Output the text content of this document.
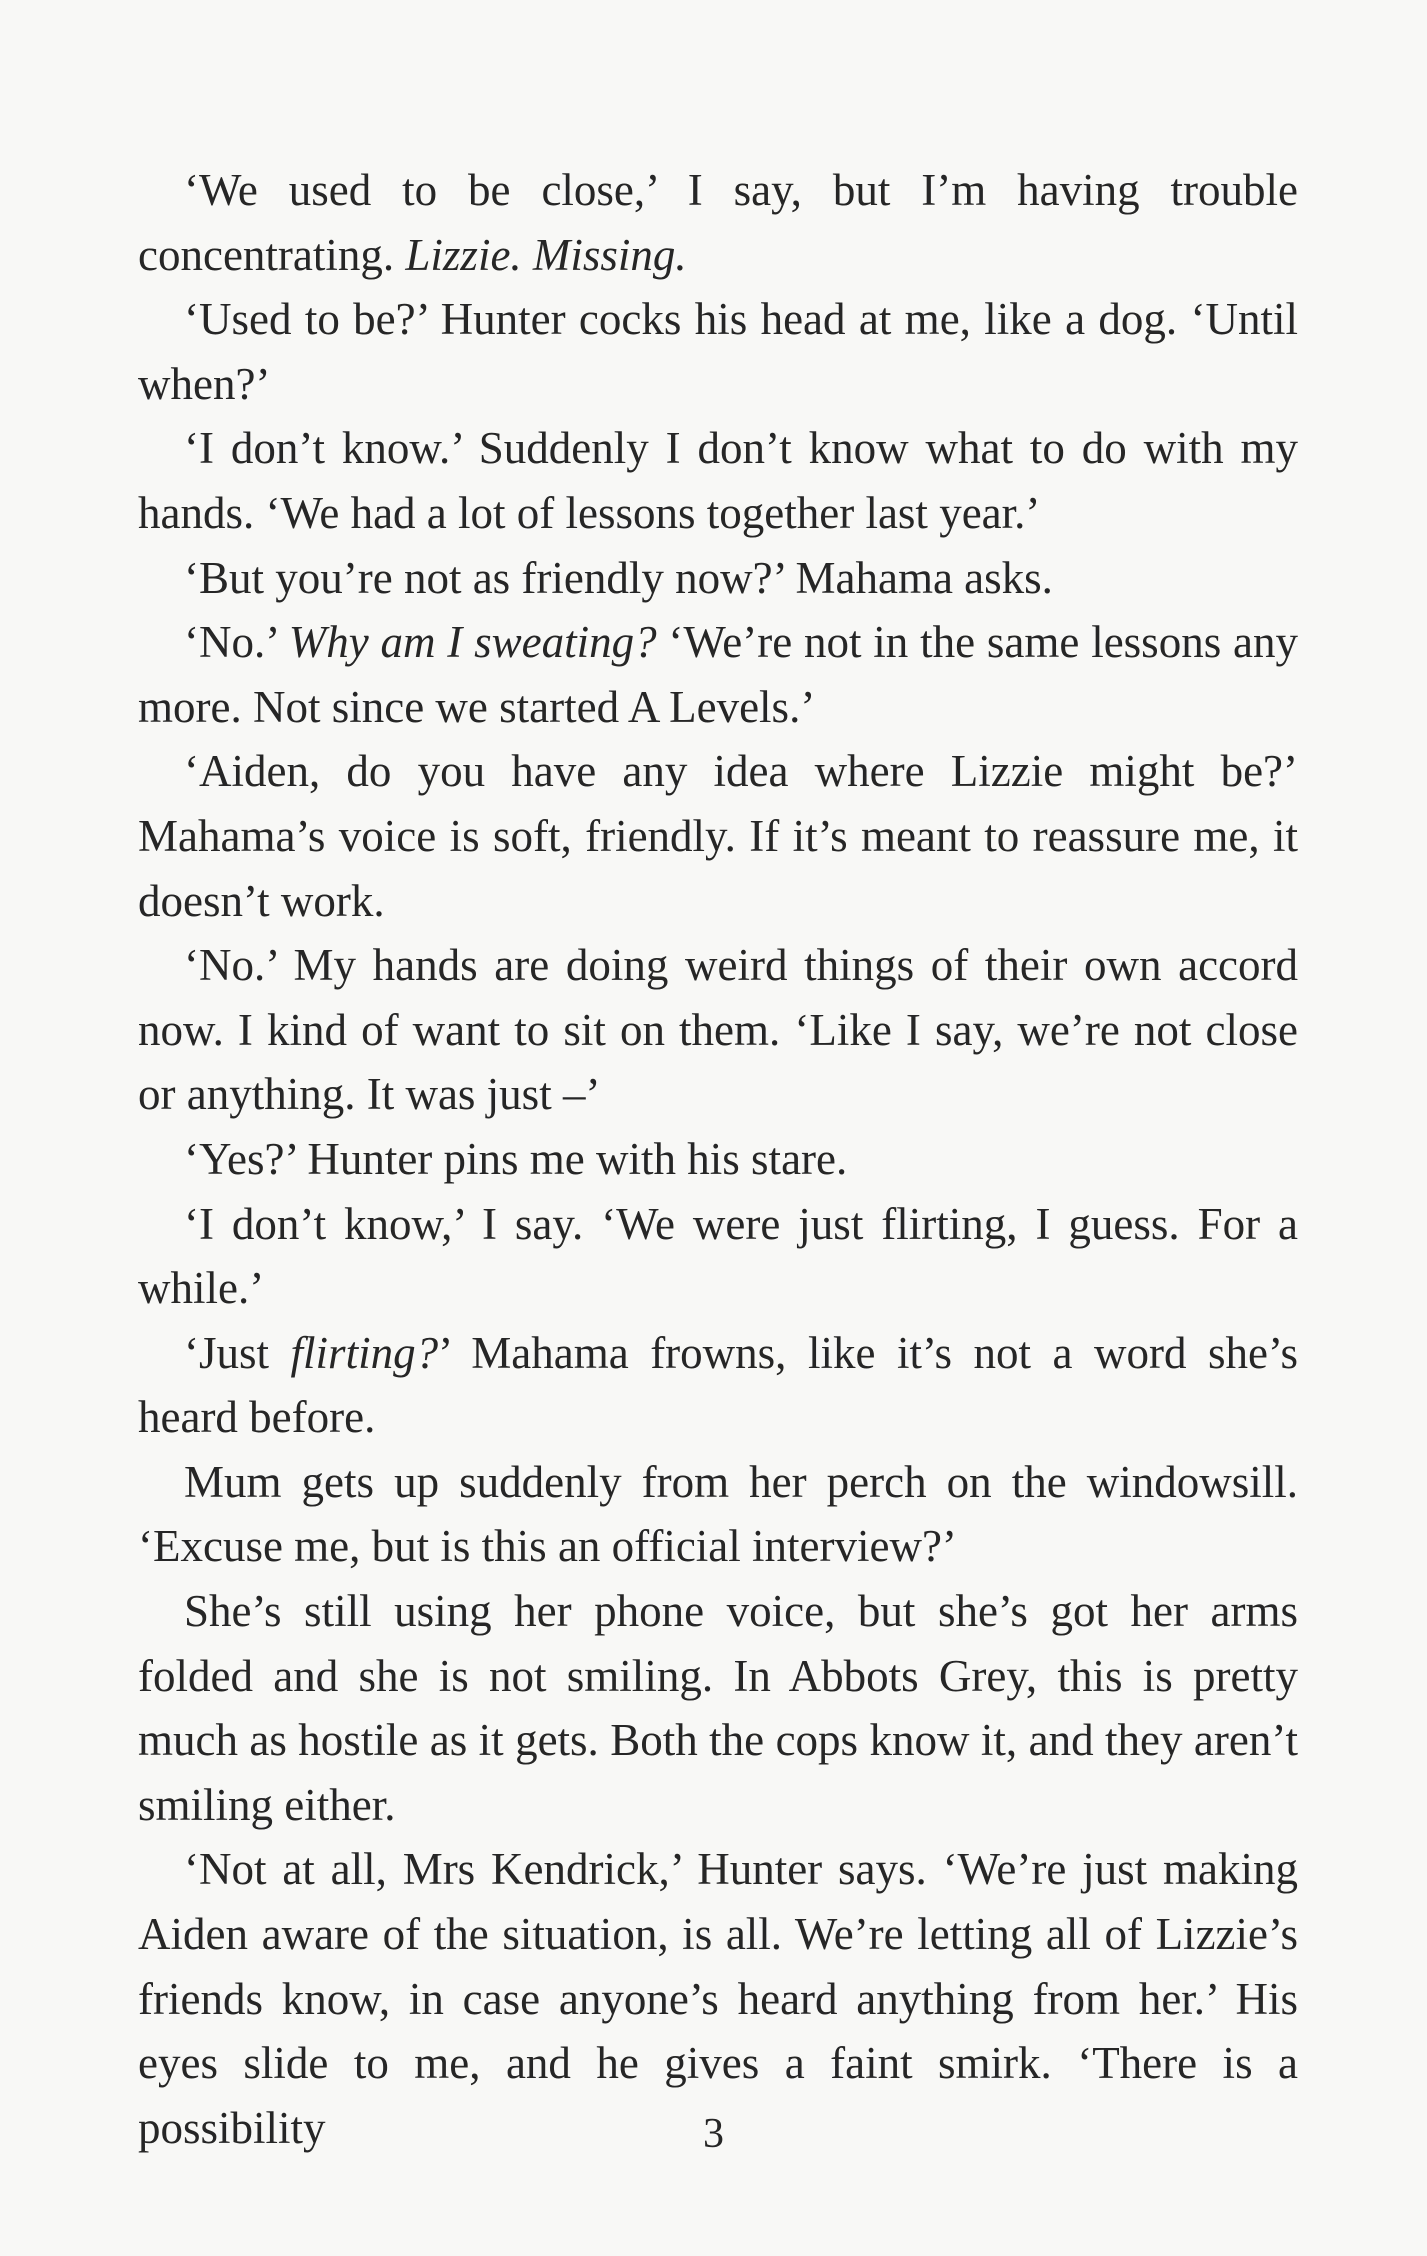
‘We used to be close,’ I say, but I’m having trouble concentrating. Lizzie. Missing.

‘Used to be?’ Hunter cocks his head at me, like a dog. ‘Until when?’

‘I don’t know.’ Suddenly I don’t know what to do with my hands. ‘We had a lot of lessons together last year.’

‘But you’re not as friendly now?’ Mahama asks.

‘No.’ Why am I sweating? ‘We’re not in the same lessons any more. Not since we started A Levels.’

‘Aiden, do you have any idea where Lizzie might be?’ Mahama’s voice is soft, friendly. If it’s meant to reassure me, it doesn’t work.

‘No.’ My hands are doing weird things of their own accord now. I kind of want to sit on them. ‘Like I say, we’re not close or anything. It was just –’

‘Yes?’ Hunter pins me with his stare.

‘I don’t know,’ I say. ‘We were just flirting, I guess. For a while.’

‘Just flirting?’ Mahama frowns, like it’s not a word she’s heard before.

Mum gets up suddenly from her perch on the windowsill. ‘Excuse me, but is this an official interview?’

She’s still using her phone voice, but she’s got her arms folded and she is not smiling. In Abbots Grey, this is pretty much as hostile as it gets. Both the cops know it, and they aren’t smiling either.

‘Not at all, Mrs Kendrick,’ Hunter says. ‘We’re just making Aiden aware of the situation, is all. We’re letting all of Lizzie’s friends know, in case anyone’s heard anything from her.’ His eyes slide to me, and he gives a faint smirk. ‘There is a possibility	3
